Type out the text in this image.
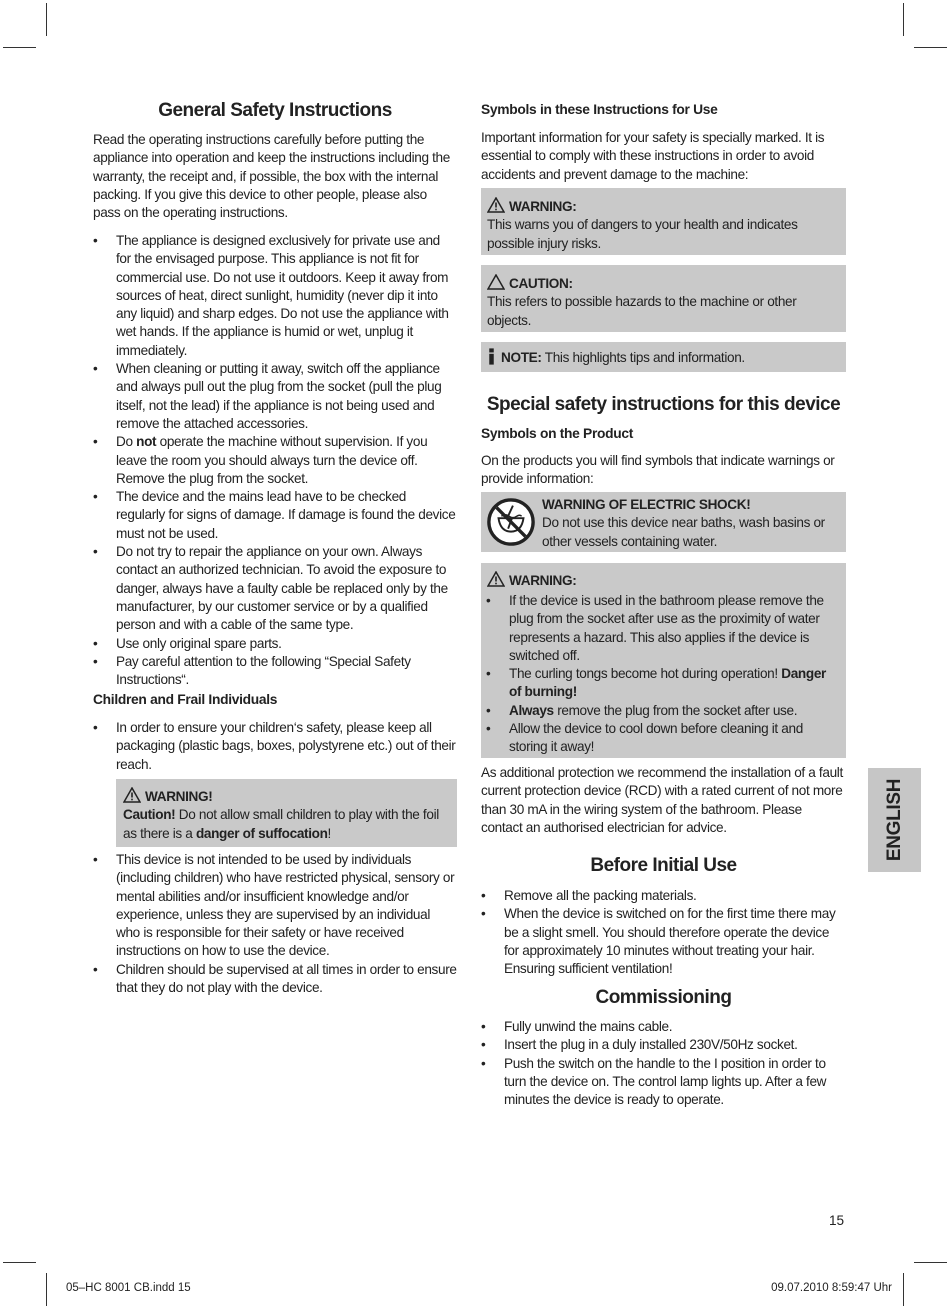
General Safety Instructions

Read the operating instructions carefully before putting the appliance into operation and keep the instructions including the warranty, the receipt and, if possible, the box with the internal packing. If you give this device to other people, please also pass on the operating instructions.

• The appliance is designed exclusively for private use and for the envisaged purpose. This appliance is not fit for commercial use. Do not use it outdoors. Keep it away from sources of heat, direct sunlight, humidity (never dip it into any liquid) and sharp edges. Do not use the appliance with wet hands. If the appliance is humid or wet, unplug it immediately.
• When cleaning or putting it away, switch off the appliance and always pull out the plug from the socket (pull the plug itself, not the lead) if the appliance is not being used and remove the attached accessories.
• Do not operate the machine without supervision. If you leave the room you should always turn the device off. Remove the plug from the socket.
• The device and the mains lead have to be checked regularly for signs of damage. If damage is found the device must not be used.
• Do not try to repair the appliance on your own. Always contact an authorized technician. To avoid the exposure to danger, always have a faulty cable be replaced only by the manufacturer, by our customer service or by a qualified person and with a cable of the same type.
• Use only original spare parts.
• Pay careful attention to the following “Special Safety Instructions“.
Children and Frail Individuals
• In order to ensure your children‘s safety, please keep all packaging (plastic bags, boxes, polystyrene etc.) out of their reach.

WARNING!

Caution! Do not allow small children to play with the foil as there is a danger of suffocation!

• This device is not intended to be used by individuals (including children) who have restricted physical, sensory or mental abilities and/or insufficient knowledge and/or experience, unless they are supervised by an individual who is responsible for their safety or have received instructions on how to use the device.
• Children should be supervised at all times in order to ensure that they do not play with the device.
Symbols in these Instructions for Use

Important information for your safety is specially marked. It is essential to comply with these instructions in order to avoid accidents and prevent damage to the machine:

WARNING:

This warns you of dangers to your health and indicates possible injury risks.

CAUTION:

This refers to possible hazards to the machine or other objects.

NOTE: This highlights tips and information.

Special safety instructions for this device
Symbols on the Product

On the products you will find symbols that indicate warnings or provide information:

WARNING OF ELECTRIC SHOCK!

Do not use this device near baths, wash basins or other vessels containing water.

WARNING:

• If the device is used in the bathroom please remove the plug from the socket after use as the proximity of water represents a hazard. This also applies if the device is switched off.
• The curling tongs become hot during operation! Danger of burning!
• Always remove the plug from the socket after use.
• Allow the device to cool down before cleaning it and storing it away!

As additional protection we recommend the installation of a fault current protection device (RCD) with a rated current of not more than 30 mA in the wiring system of the bathroom. Please contact an authorised electrician for advice.

Before Initial Use
• Remove all the packing materials.
• When the device is switched on for the first time there may be a slight smell. You should therefore operate the device for approximately 10 minutes without treating your hair. Ensuring sufficient ventilation!
Commissioning
• Fully unwind the mains cable.
• Insert the plug in a duly installed 230V/50Hz socket.
• Push the switch on the handle to the I position in order to turn the device on. The control lamp lights up. After a few minutes the device is ready to operate.
ENGLISH
15
05–HC 8001 CB.indd 15	09.07.2010 8:59:47 Uhr
